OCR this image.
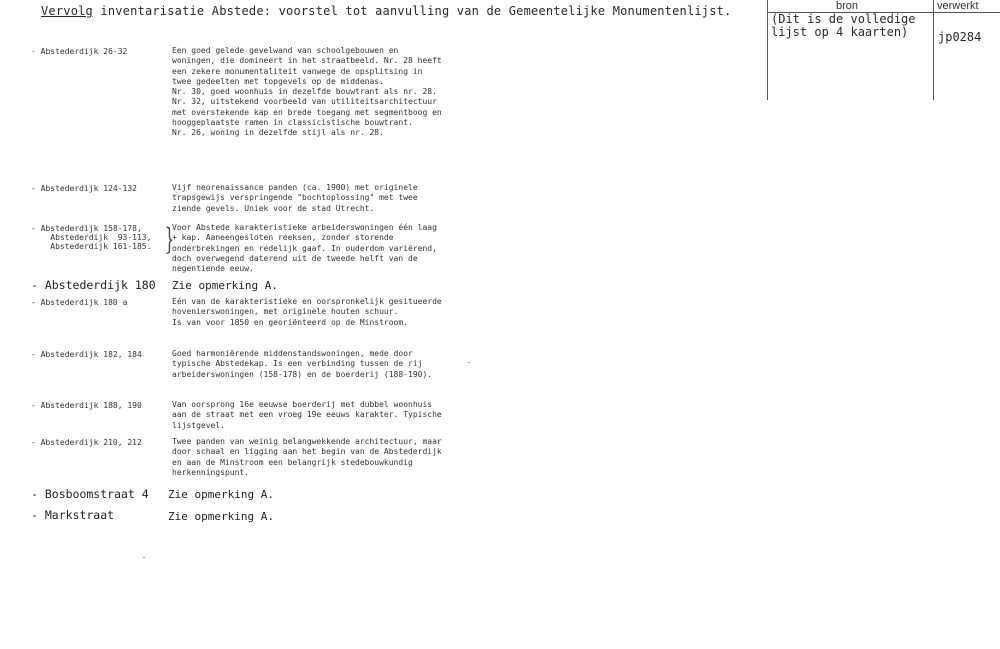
Vervolg inventarisatie Abstede: voorstel tot aanvulling van de Gemeentelijke Monumentenlijst.	bron	verwerkt
(Dit is de volledige
lijst op 4 kaarten)	jp0284
- Abstederdijk 26-32	Een goed gelede gevelwand van schoolgebouwen en woningen, die domineert in het straatbeeld. Nr. 28 heeft een zekere monumentaliteit vanwege de opsplitsing in twee gedeelten met topgevels op de middenas.

Nr. 30, goed woonhuis in dezelfde bouwtrant als nr. 28.

Nr. 32, uitstekend voorbeeld van utiliteitsarchitectuur met overstekende kap en brede toegang met segmentboog en hooggeplaatste ramen in classicistische bouwtrant.

Nr. 26, woning in dezelfde stijl als nr. 28.

- Abstederdijk 124-132	Vijf neorenaissance panden (ca. 1900) met originele trapsgewijs verspringende "bochtoplossing" met twee ziende gevels. Uniek voor de stad Utrecht.

- Abstederdijk 158-178,
Abstederdijk  93-113,
Abstederdijk 161-185. }

Voor Abstede karakteristieke arbeiderswoningen één laag + kap. Aaneengesloten reeksen, zonder storende onderbrekingen en redelijk gaaf. In ouderdom variërend, doch overwegend daterend uit de tweede helft van de negentiende eeuw.

- Abstederdijk 180 Zie opmerking A.

- Abstederdijk 180 a	Eén van de karakteristieke en oorspronkelijk gesitueerde hovenierswoningen, met originele houten schuur.

Is van voor 1850 en georiënteerd op de Minstroom.

- Abstederdijk 182, 184	Goed harmoniërende middenstandswoningen, mede door typische Abstedekap. Is een verbinding tussen de rij arbeiderswoningen (158-178) en de boerderij (188-190).

- Abstederdijk 188, 190	Van oorsprong 16e eeuwse boerderij met dubbel woonhuis aan de straat met een vroeg 19e eeuws karakter. Typische lijstgevel.

- Abstederdijk 210, 212	Twee panden van weinig belangwekkende architectuur, maar door schaal en ligging aan het begin van de Abstederdijk en aan de Minstroom een belangrijk stedebouwkundig herkenningspunt.

- Bosboomstraat 4 Zie opmerking A.

- Markstraat	Zie opmerking A.
